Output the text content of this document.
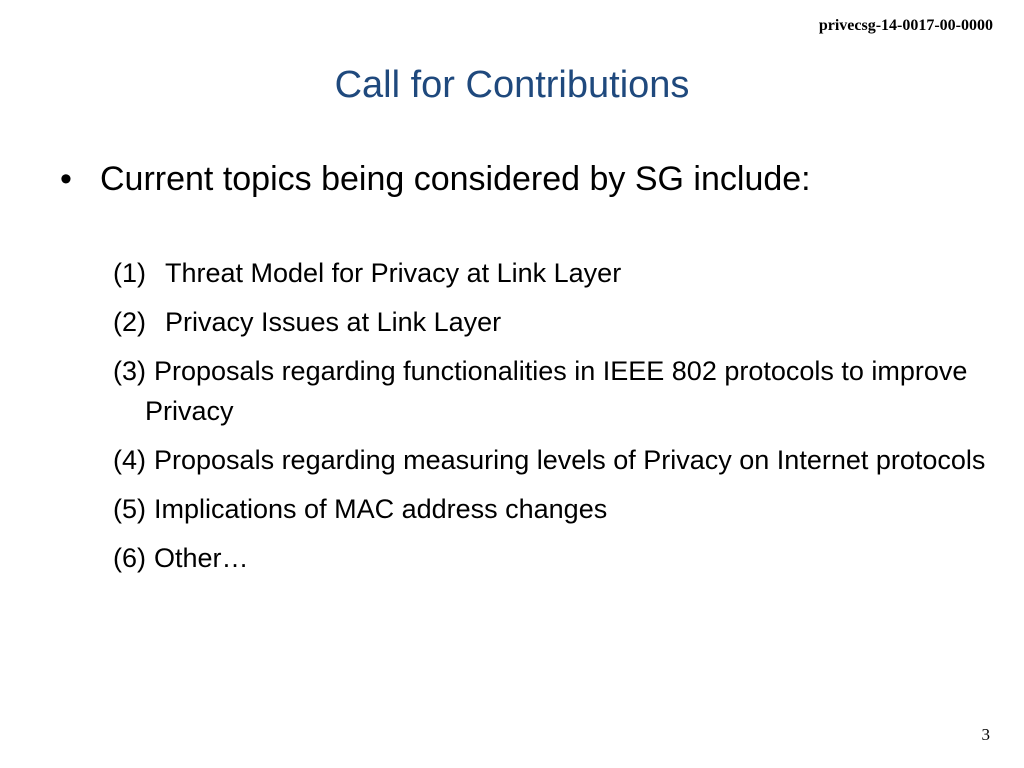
privecsg-14-0017-00-0000
Call for Contributions
• Current topics being considered by SG include:
(1) Threat Model for Privacy at Link Layer
(2) Privacy Issues at Link Layer
(3) Proposals regarding functionalities in IEEE 802 protocols to improve Privacy
(4) Proposals regarding measuring levels of Privacy on Internet protocols
(5) Implications of MAC address changes
(6) Other…
3
